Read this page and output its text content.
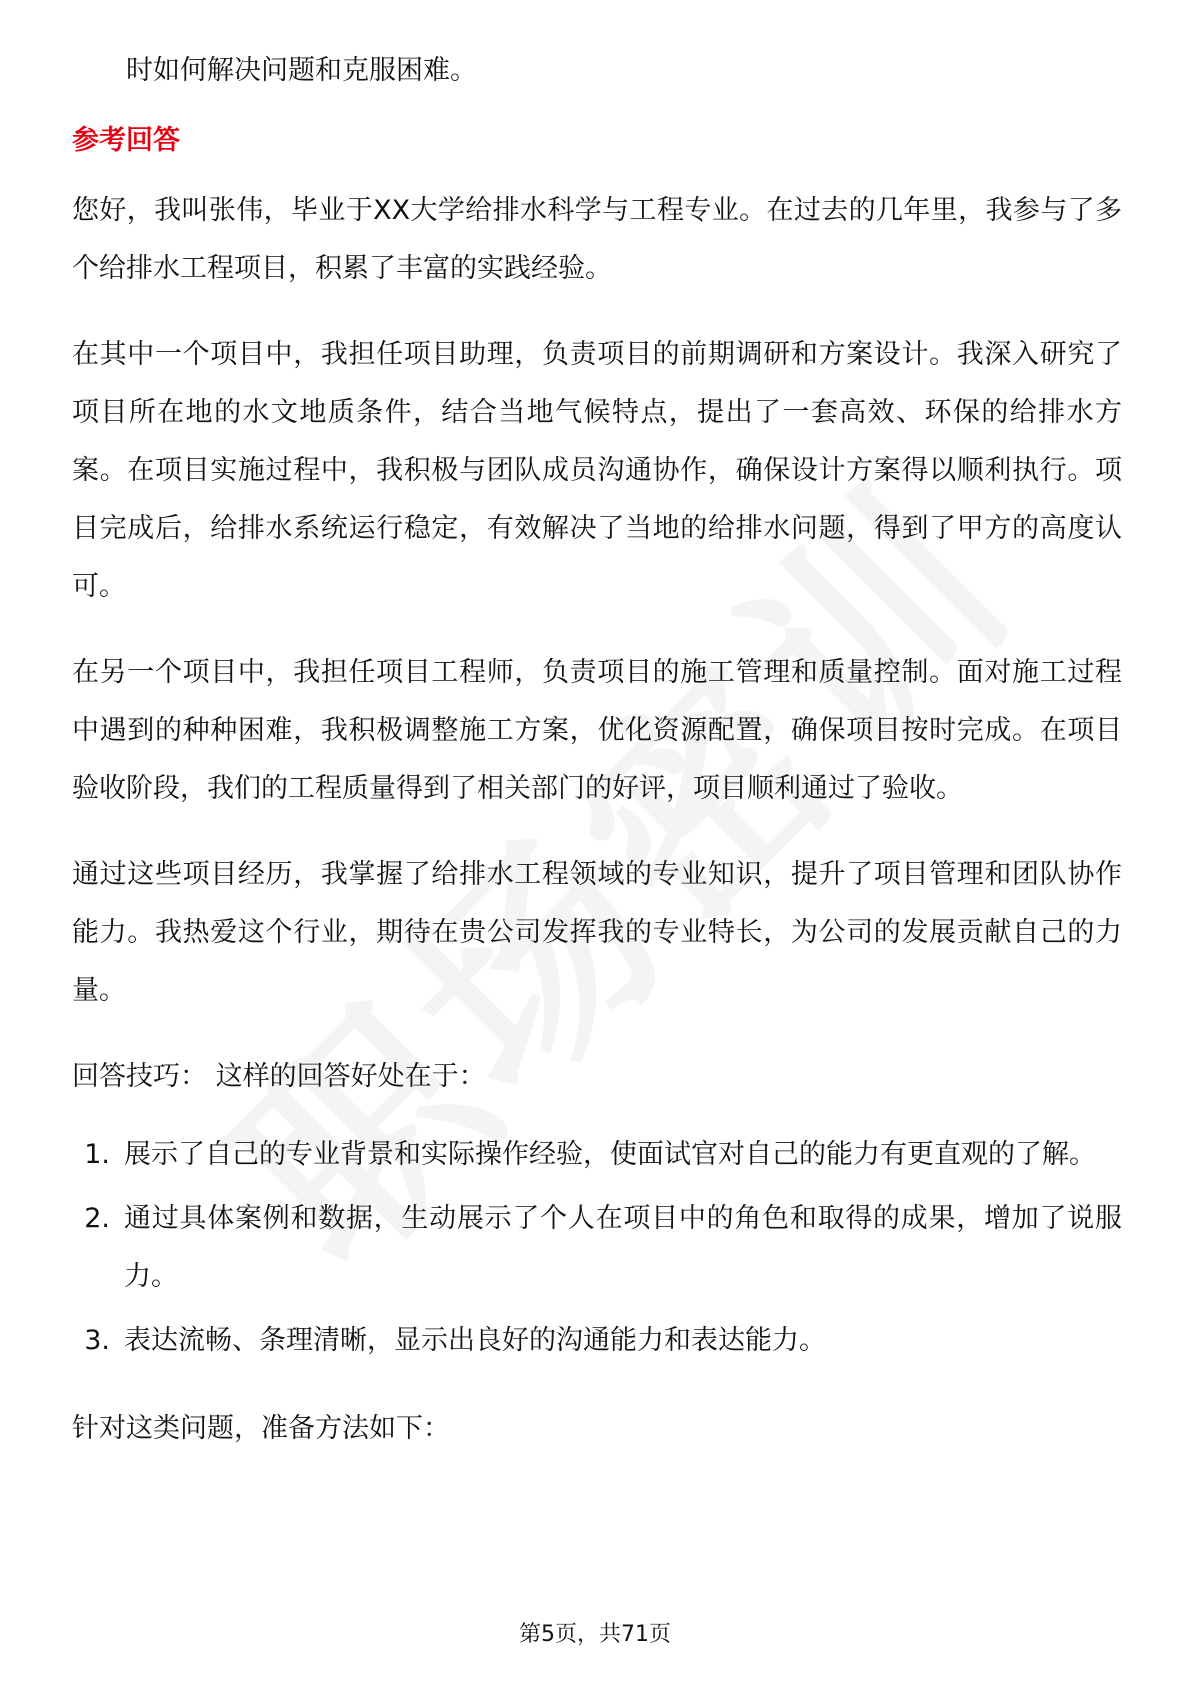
时如何解决问题和克服困难。

参考回答

您好，我叫张伟，毕业于XX大学给排水科学与工程专业。在过去的几年里，我参与了多个给排水工程项目，积累了丰富的实践经验。

在其中一个项目中，我担任项目助理，负责项目的前期调研和方案设计。我深入研究了项目所在地的水文地质条件，结合当地气候特点，提出了一套高效、环保的给排水方案。在项目实施过程中，我积极与团队成员沟通协作，确保设计方案得以顺利执行。项目完成后，给排水系统运行稳定，有效解决了当地的给排水问题，得到了甲方的高度认可。

在另一个项目中，我担任项目工程师，负责项目的施工管理和质量控制。面对施工过程中遇到的种种困难，我积极调整施工方案，优化资源配置，确保项目按时完成。在项目验收阶段，我们的工程质量得到了相关部门的好评，项目顺利通过了验收。

通过这些项目经历，我掌握了给排水工程领域的专业知识，提升了项目管理和团队协作能力。我热爱这个行业，期待在贵公司发挥我的专业特长，为公司的发展贡献自己的力量。

回答技巧： 这样的回答好处在于：

1. 展示了自己的专业背景和实际操作经验，使面试官对自己的能力有更直观的了解。
2. 通过具体案例和数据，生动展示了个人在项目中的角色和取得的成果，增加了说服力。
3. 表达流畅、条理清晰，显示出良好的沟通能力和表达能力。

针对这类问题，准备方法如下：

第5页，共71页
